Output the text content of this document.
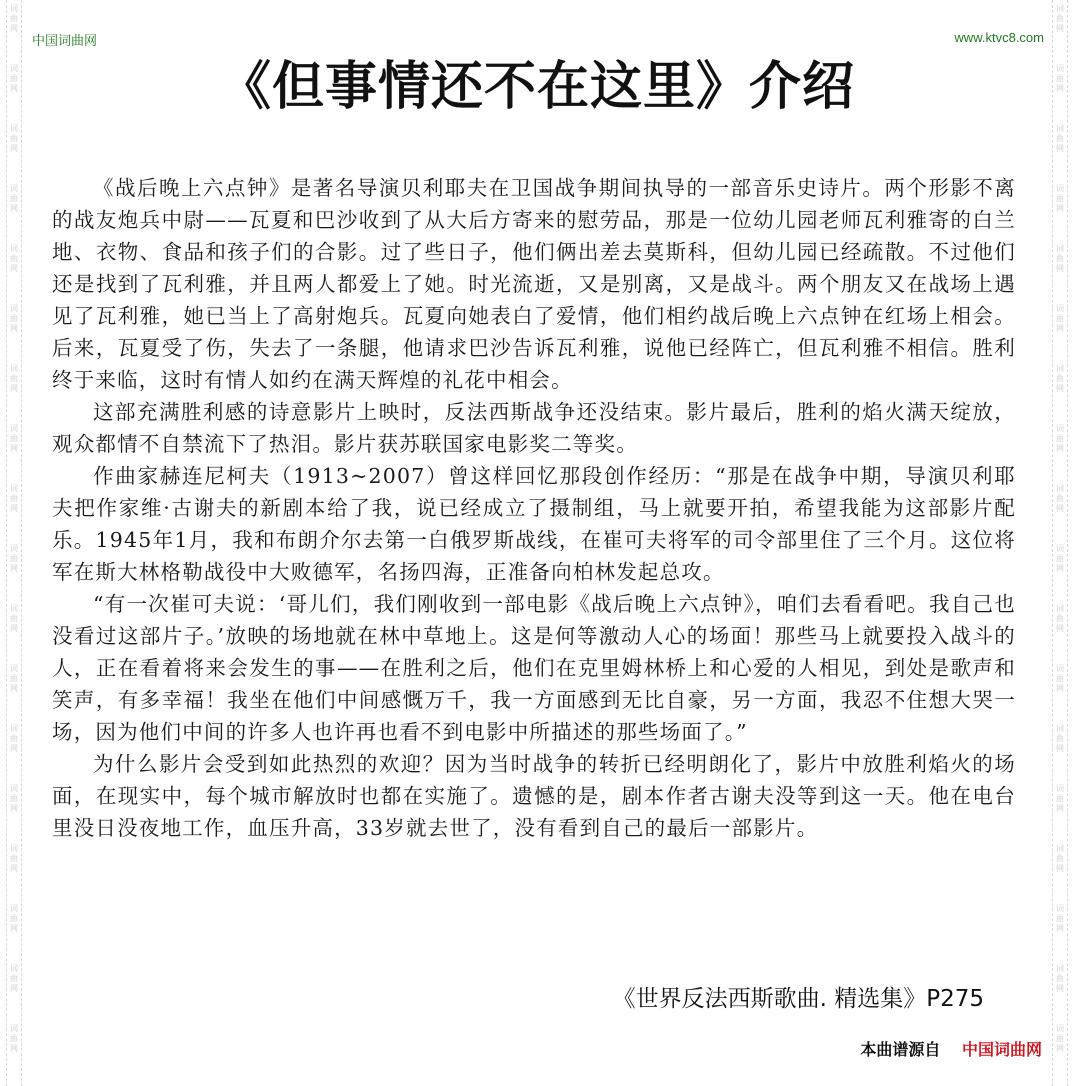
词
曲
网
词
曲
网
词
曲
网
词
曲
网
词
曲
网
词
曲
网
词
曲
网
词
曲
网
词
曲
网
词
曲
网
词
曲
网
词
曲
网
词
曲
网
词
曲
网
词
曲
网
词
曲
网
词
曲
网
词
曲
网
词
曲
网
词
曲
网
词
曲
网
词
曲
网
词
曲
网
词
曲
网
词
曲
网
词
曲
网
词
曲
网
词
曲
网
词
曲
网
词
曲
网
词
曲
网
词
曲
网
词
曲
网
词
曲
网
词
曲
网
词
曲
网
中国词曲网	www.ktvc8.com
《但事情还不在这里》介绍

《战后晚上六点钟》是著名导演贝利耶夫在卫国战争期间执导的一部音乐史诗片。两个形影不离的战友炮兵中尉——瓦夏和巴沙收到了从大后方寄来的慰劳品，那是一位幼儿园老师瓦利雅寄的白兰地、衣物、食品和孩子们的合影。过了些日子，他们俩出差去莫斯科，但幼儿园已经疏散。不过他们还是找到了瓦利雅，并且两人都爱上了她。时光流逝，又是别离，又是战斗。两个朋友又在战场上遇见了瓦利雅，她已当上了高射炮兵。瓦夏向她表白了爱情，他们相约战后晚上六点钟在红场上相会。后来，瓦夏受了伤，失去了一条腿，他请求巴沙告诉瓦利雅，说他已经阵亡，但瓦利雅不相信。胜利终于来临，这时有情人如约在满天辉煌的礼花中相会。

这部充满胜利感的诗意影片上映时，反法西斯战争还没结束。影片最后，胜利的焰火满天绽放，观众都情不自禁流下了热泪。影片获苏联国家电影奖二等奖。

作曲家赫连尼柯夫（1913~2007）曾这样回忆那段创作经历：“那是在战争中期，导演贝利耶夫把作家维·古谢夫的新剧本给了我，说已经成立了摄制组，马上就要开拍，希望我能为这部影片配乐。1945年1月，我和布朗介尔去第一白俄罗斯战线，在崔可夫将军的司令部里住了三个月。这位将军在斯大林格勒战役中大败德军，名扬四海，正准备向柏林发起总攻。

“有一次崔可夫说：‘哥儿们，我们刚收到一部电影《战后晚上六点钟》，咱们去看看吧。我自己也没看过这部片子。’放映的场地就在林中草地上。这是何等激动人心的场面！那些马上就要投入战斗的人，正在看着将来会发生的事——在胜利之后，他们在克里姆林桥上和心爱的人相见，到处是歌声和笑声，有多幸福！我坐在他们中间感慨万千，我一方面感到无比自豪，另一方面，我忍不住想大哭一场，因为他们中间的许多人也许再也看不到电影中所描述的那些场面了。”

为什么影片会受到如此热烈的欢迎？因为当时战争的转折已经明朗化了，影片中放胜利焰火的场面，在现实中，每个城市解放时也都在实施了。遗憾的是，剧本作者古谢夫没等到这一天。他在电台里没日没夜地工作，血压升高，33岁就去世了，没有看到自己的最后一部影片。

《世界反法西斯歌曲. 精选集》P275
本曲谱源自 中国词曲网
